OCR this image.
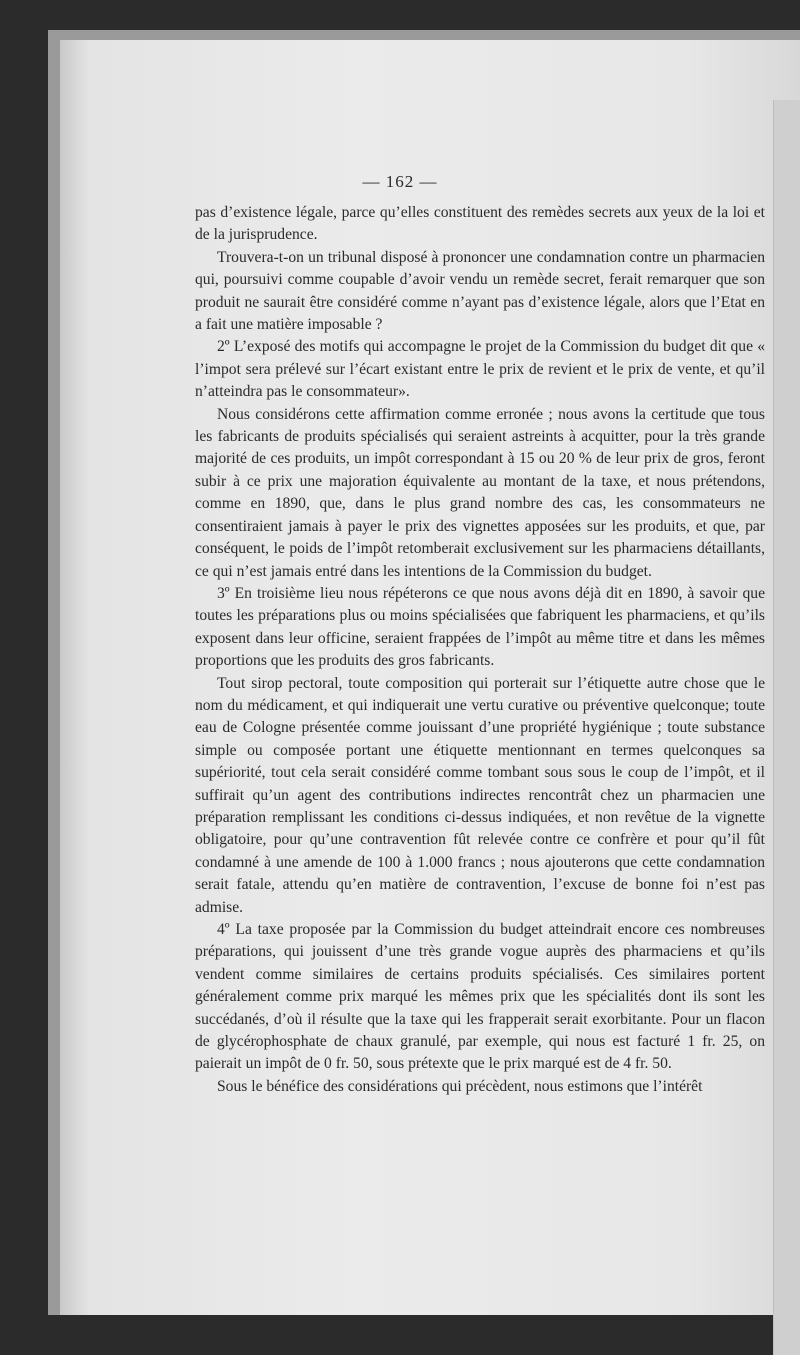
— 162 —

pas d’existence légale, parce qu’elles constituent des remèdes secrets aux yeux de la loi et de la jurisprudence.

Trouvera-t-on un tribunal disposé à prononcer une condamnation contre un pharmacien qui, poursuivi comme coupable d’avoir vendu un remède secret, ferait remarquer que son produit ne saurait être considéré comme n’ayant pas d’existence légale, alors que l’Etat en a fait une matière imposable ?

2º L’exposé des motifs qui accompagne le projet de la Commission du budget dit que « l’impot sera prélevé sur l’écart existant entre le prix de revient et le prix de vente, et qu’il n’atteindra pas le consommateur».

Nous considérons cette affirmation comme erronée ; nous avons la certitude que tous les fabricants de produits spécialisés qui seraient astreints à acquitter, pour la très grande majorité de ces produits, un impôt correspondant à 15 ou 20 % de leur prix de gros, feront subir à ce prix une majoration équivalente au montant de la taxe, et nous prétendons, comme en 1890, que, dans le plus grand nombre des cas, les consommateurs ne consentiraient jamais à payer le prix des vignettes apposées sur les produits, et que, par conséquent, le poids de l’impôt retomberait exclusivement sur les pharmaciens détaillants, ce qui n’est jamais entré dans les intentions de la Commission du budget.

3º En troisième lieu nous répéterons ce que nous avons déjà dit en 1890, à savoir que toutes les préparations plus ou moins spécialisées que fabriquent les pharmaciens, et qu’ils exposent dans leur officine, seraient frappées de l’impôt au même titre et dans les mêmes proportions que les produits des gros fabricants.

Tout sirop pectoral, toute composition qui porterait sur l’étiquette autre chose que le nom du médicament, et qui indiquerait une vertu curative ou préventive quelconque; toute eau de Cologne présentée comme jouissant d’une propriété hygiénique ; toute substance simple ou composée portant une étiquette mentionnant en termes quelconques sa supériorité, tout cela serait considéré comme tombant sous sous le coup de l’impôt, et il suffirait qu’un agent des contributions indirectes rencontrât chez un pharmacien une préparation remplissant les conditions ci-dessus indiquées, et non revêtue de la vignette obligatoire, pour qu’une contravention fût relevée contre ce confrère et pour qu’il fût condamné à une amende de 100 à 1.000 francs ; nous ajouterons que cette condamnation serait fatale, attendu qu’en matière de contravention, l’excuse de bonne foi n’est pas admise.

4º La taxe proposée par la Commission du budget atteindrait encore ces nombreuses préparations, qui jouissent d’une très grande vogue auprès des pharmaciens et qu’ils vendent comme similaires de certains produits spécialisés. Ces similaires portent généralement comme prix marqué les mêmes prix que les spécialités dont ils sont les succédanés, d’où il résulte que la taxe qui les frapperait serait exorbitante. Pour un flacon de glycérophosphate de chaux granulé, par exemple, qui nous est facturé 1 fr. 25, on paierait un impôt de 0 fr. 50, sous prétexte que le prix marqué est de 4 fr. 50.

Sous le bénéfice des considérations qui précèdent, nous estimons que l’intérêt
